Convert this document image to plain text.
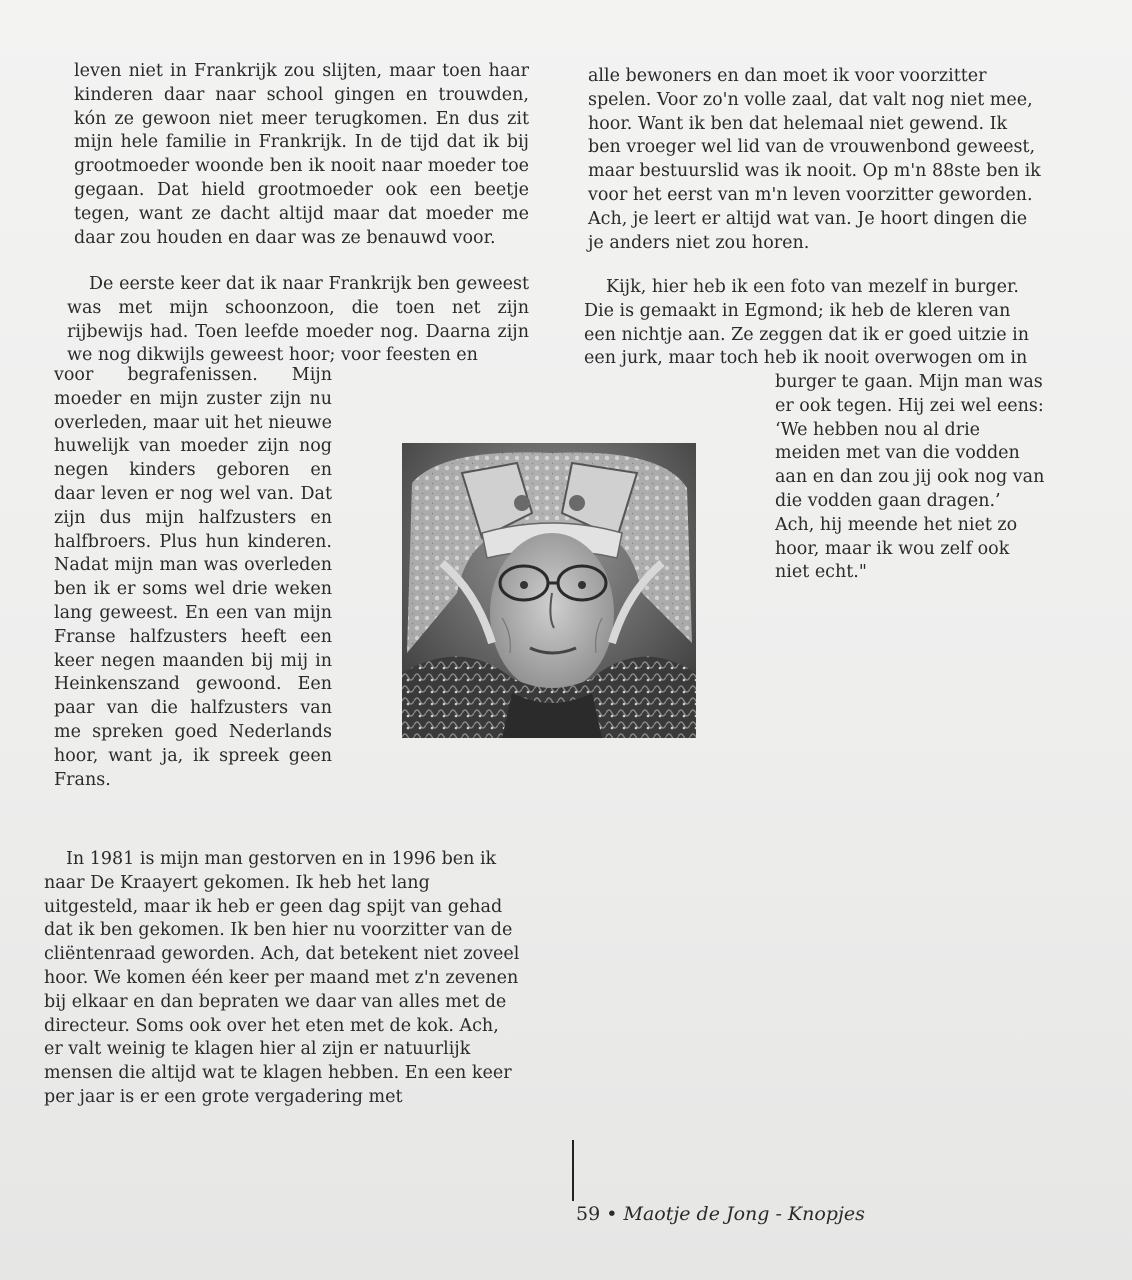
leven niet in Frankrijk zou slijten, maar toen haar kinderen daar naar school gingen en trouwden, kón ze gewoon niet meer terugkomen. En dus zit mijn hele familie in Frankrijk. In de tijd dat ik bij grootmoeder woonde ben ik nooit naar moeder toe gegaan. Dat hield grootmoeder ook een beetje tegen, want ze dacht altijd maar dat moeder me daar zou houden en daar was ze benauwd voor.

De eerste keer dat ik naar Frankrijk ben geweest was met mijn schoonzoon, die toen net zijn rijbewijs had. Toen leefde moeder nog. Daarna zijn we nog dikwijls geweest hoor; voor feesten en

voor begrafenissen. Mijn moeder en mijn zuster zijn nu overleden, maar uit het nieuwe huwelijk van moeder zijn nog negen kinders geboren en daar leven er nog wel van. Dat zijn dus mijn halfzusters en halfbroers. Plus hun kinderen. Nadat mijn man was overleden ben ik er soms wel drie weken lang geweest. En een van mijn Franse halfzusters heeft een keer negen maanden bij mij in Heinkenszand gewoond. Een paar van die halfzusters van me spreken goed Nederlands hoor, want ja, ik spreek geen Frans.

In 1981 is mijn man gestorven en in 1996 ben ik naar De Kraayert gekomen. Ik heb het lang uitgesteld, maar ik heb er geen dag spijt van gehad dat ik ben gekomen. Ik ben hier nu voorzitter van de cliëntenraad geworden. Ach, dat betekent niet zoveel hoor. We komen één keer per maand met z'n zevenen bij elkaar en dan bepraten we daar van alles met de directeur. Soms ook over het eten met de kok. Ach, er valt weinig te klagen hier al zijn er natuurlijk mensen die altijd wat te klagen hebben. En een keer per jaar is er een grote vergadering met

alle bewoners en dan moet ik voor voorzitter spelen. Voor zo'n volle zaal, dat valt nog niet mee, hoor. Want ik ben dat helemaal niet gewend. Ik ben vroeger wel lid van de vrouwenbond geweest, maar bestuurslid was ik nooit. Op m'n 88ste ben ik voor het eerst van m'n leven voorzitter geworden. Ach, je leert er altijd wat van. Je hoort dingen die je anders niet zou horen.

Kijk, hier heb ik een foto van mezelf in burger. Die is gemaakt in Egmond; ik heb de kleren van een nichtje aan. Ze zeggen dat ik er goed uitzie in een jurk, maar toch heb ik nooit overwogen om in

burger te gaan. Mijn man was er ook tegen. Hij zei wel eens: ‘We hebben nou al drie meiden met van die vodden aan en dan zou jij ook nog van die vodden gaan dragen.’ Ach, hij meende het niet zo hoor, maar ik wou zelf ook niet echt."

59 • Maotje de Jong - Knopjes
